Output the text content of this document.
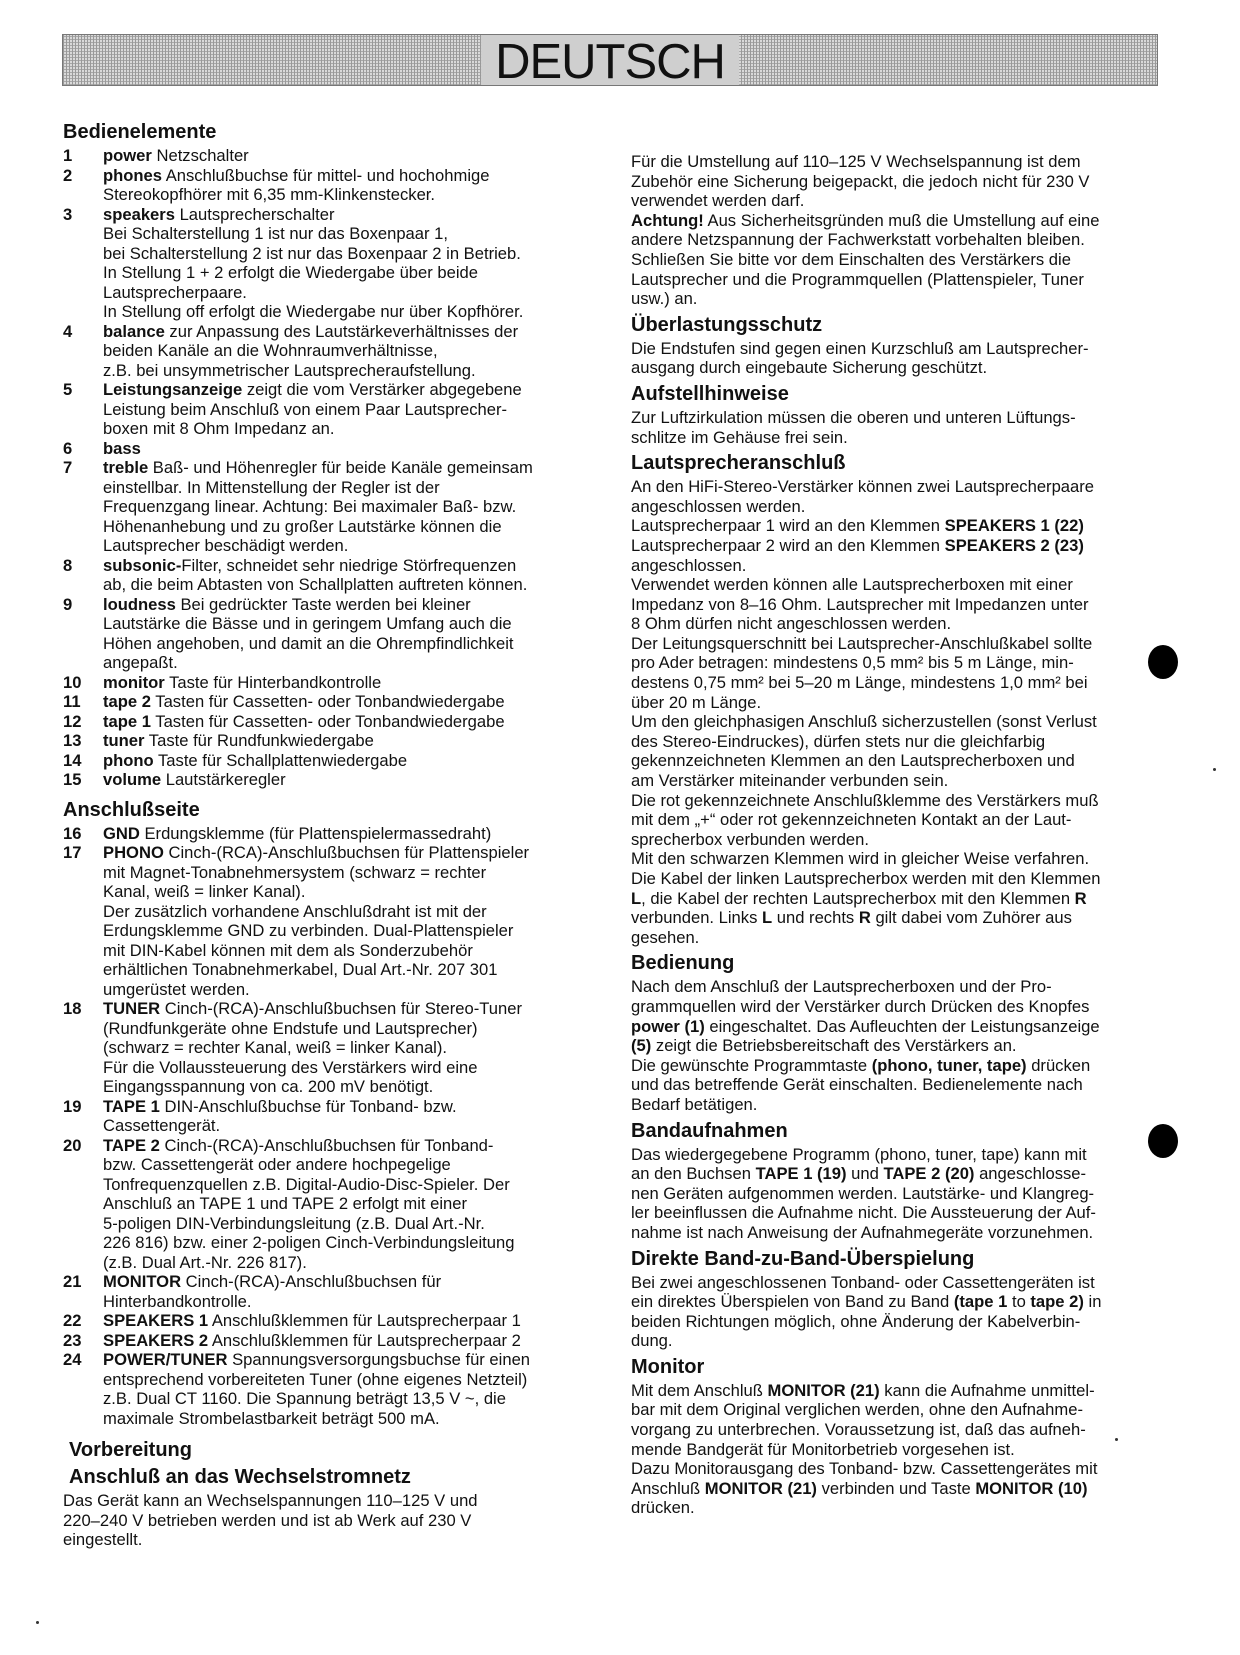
DEUTSCH
Bedienelemente
1	power Netzschalter
2	phones Anschlußbuchse für mittel- und hochohmige
Stereokopfhörer mit 6,35 mm-Klinkenstecker.
3	speakers Lautsprecherschalter
Bei Schalterstellung 1 ist nur das Boxenpaar 1,
bei Schalterstellung 2 ist nur das Boxenpaar 2 in Betrieb.
In Stellung 1 + 2 erfolgt die Wiedergabe über beide
Lautsprecherpaare.
In Stellung off erfolgt die Wiedergabe nur über Kopfhörer.
4	balance zur Anpassung des Lautstärkeverhältnisses der
beiden Kanäle an die Wohnraumverhältnisse,
z.B. bei unsymmetrischer Lautsprecheraufstellung.
5	Leistungsanzeige zeigt die vom Verstärker abgegebene
Leistung beim Anschluß von einem Paar Lautsprecher-
boxen mit 8 Ohm Impedanz an.
6	bass
7	treble Baß- und Höhenregler für beide Kanäle gemeinsam
einstellbar. In Mittenstellung der Regler ist der
Frequenzgang linear. Achtung: Bei maximaler Baß- bzw.
Höhenanhebung und zu großer Lautstärke können die
Lautsprecher beschädigt werden.
8	subsonic-Filter, schneidet sehr niedrige Störfrequenzen
ab, die beim Abtasten von Schallplatten auftreten können.
9	loudness Bei gedrückter Taste werden bei kleiner
Lautstärke die Bässe und in geringem Umfang auch die
Höhen angehoben, und damit an die Ohrempfindlichkeit
angepaßt.
10	monitor Taste für Hinterbandkontrolle
11	tape 2 Tasten für Cassetten- oder Tonbandwiedergabe
12	tape 1 Tasten für Cassetten- oder Tonbandwiedergabe
13	tuner Taste für Rundfunkwiedergabe
14	phono Taste für Schallplattenwiedergabe
15	volume Lautstärkeregler
Anschlußseite
16	GND Erdungsklemme (für Plattenspielermassedraht)
17	PHONO Cinch-(RCA)-Anschlußbuchsen für Plattenspieler
mit Magnet-Tonabnehmersystem (schwarz = rechter
Kanal, weiß = linker Kanal).
Der zusätzlich vorhandene Anschlußdraht ist mit der
Erdungsklemme GND zu verbinden. Dual-Plattenspieler
mit DIN-Kabel können mit dem als Sonderzubehör
erhältlichen Tonabnehmerkabel, Dual Art.-Nr. 207 301
umgerüstet werden.
18	TUNER Cinch-(RCA)-Anschlußbuchsen für Stereo-Tuner
(Rundfunkgeräte ohne Endstufe und Lautsprecher)
(schwarz = rechter Kanal, weiß = linker Kanal).
Für die Vollaussteuerung des Verstärkers wird eine
Eingangsspannung von ca. 200 mV benötigt.
19	TAPE 1 DIN-Anschlußbuchse für Tonband- bzw.
Cassettengerät.
20	TAPE 2 Cinch-(RCA)-Anschlußbuchsen für Tonband-
bzw. Cassettengerät oder andere hochpegelige
Tonfrequenzquellen z.B. Digital-Audio-Disc-Spieler. Der
Anschluß an TAPE 1 und TAPE 2 erfolgt mit einer
5-poligen DIN-Verbindungsleitung (z.B. Dual Art.-Nr.
226 816) bzw. einer 2-poligen Cinch-Verbindungsleitung
(z.B. Dual Art.-Nr. 226 817).
21	MONITOR Cinch-(RCA)-Anschlußbuchsen für
Hinterbandkontrolle.
22	SPEAKERS 1 Anschlußklemmen für Lautsprecherpaar 1
23	SPEAKERS 2 Anschlußklemmen für Lautsprecherpaar 2
24	POWER/TUNER Spannungsversorgungsbuchse für einen
entsprechend vorbereiteten Tuner (ohne eigenes Netzteil)
z.B. Dual CT 1160. Die Spannung beträgt 13,5 V ~, die
maximale Strombelastbarkeit beträgt 500 mA.
Vorbereitung
Anschluß an das Wechselstromnetz

Das Gerät kann an Wechselspannungen 110–125 V und
220–240 V betrieben werden und ist ab Werk auf 230 V
eingestellt.

Für die Umstellung auf 110–125 V Wechselspannung ist dem
Zubehör eine Sicherung beigepackt, die jedoch nicht für 230 V
verwendet werden darf.
Achtung! Aus Sicherheitsgründen muß die Umstellung auf eine
andere Netzspannung der Fachwerkstatt vorbehalten bleiben.
Schließen Sie bitte vor dem Einschalten des Verstärkers die
Lautsprecher und die Programmquellen (Plattenspieler, Tuner
usw.) an.

Überlastungsschutz

Die Endstufen sind gegen einen Kurzschluß am Lautsprecher-
ausgang durch eingebaute Sicherung geschützt.

Aufstellhinweise

Zur Luftzirkulation müssen die oberen und unteren Lüftungs-
schlitze im Gehäuse frei sein.

Lautsprecheranschluß

An den HiFi-Stereo-Verstärker können zwei Lautsprecherpaare
angeschlossen werden.
Lautsprecherpaar 1 wird an den Klemmen SPEAKERS 1 (22)
Lautsprecherpaar 2 wird an den Klemmen SPEAKERS 2 (23)
angeschlossen.
Verwendet werden können alle Lautsprecherboxen mit einer
Impedanz von 8–16 Ohm. Lautsprecher mit Impedanzen unter
8 Ohm dürfen nicht angeschlossen werden.
Der Leitungsquerschnitt bei Lautsprecher-Anschlußkabel sollte
pro Ader betragen: mindestens 0,5 mm² bis 5 m Länge, min-
destens 0,75 mm² bei 5–20 m Länge, mindestens 1,0 mm² bei
über 20 m Länge.
Um den gleichphasigen Anschluß sicherzustellen (sonst Verlust
des Stereo-Eindruckes), dürfen stets nur die gleichfarbig
gekennzeichneten Klemmen an den Lautsprecherboxen und
am Verstärker miteinander verbunden sein.
Die rot gekennzeichnete Anschlußklemme des Verstärkers muß
mit dem „+“ oder rot gekennzeichneten Kontakt an der Laut-
sprecherbox verbunden werden.
Mit den schwarzen Klemmen wird in gleicher Weise verfahren.
Die Kabel der linken Lautsprecherbox werden mit den Klemmen
L, die Kabel der rechten Lautsprecherbox mit den Klemmen R
verbunden. Links L und rechts R gilt dabei vom Zuhörer aus
gesehen.

Bedienung

Nach dem Anschluß der Lautsprecherboxen und der Pro-
grammquellen wird der Verstärker durch Drücken des Knopfes
power (1) eingeschaltet. Das Aufleuchten der Leistungsanzeige
(5) zeigt die Betriebsbereitschaft des Verstärkers an.
Die gewünschte Programmtaste (phono, tuner, tape) drücken
und das betreffende Gerät einschalten. Bedienelemente nach
Bedarf betätigen.

Bandaufnahmen

Das wiedergegebene Programm (phono, tuner, tape) kann mit
an den Buchsen TAPE 1 (19) und TAPE 2 (20) angeschlosse-
nen Geräten aufgenommen werden. Lautstärke- und Klangreg-
ler beeinflussen die Aufnahme nicht. Die Aussteuerung der Auf-
nahme ist nach Anweisung der Aufnahmegeräte vorzunehmen.

Direkte Band-zu-Band-Überspielung

Bei zwei angeschlossenen Tonband- oder Cassettengeräten ist
ein direktes Überspielen von Band zu Band (tape 1 to tape 2) in
beiden Richtungen möglich, ohne Änderung der Kabelverbin-
dung.

Monitor

Mit dem Anschluß MONITOR (21) kann die Aufnahme unmittel-
bar mit dem Original verglichen werden, ohne den Aufnahme-
vorgang zu unterbrechen. Voraussetzung ist, daß das aufneh-
mende Bandgerät für Monitorbetrieb vorgesehen ist.
Dazu Monitorausgang des Tonband- bzw. Cassettengerätes mit
Anschluß MONITOR (21) verbinden und Taste MONITOR (10)
drücken.
